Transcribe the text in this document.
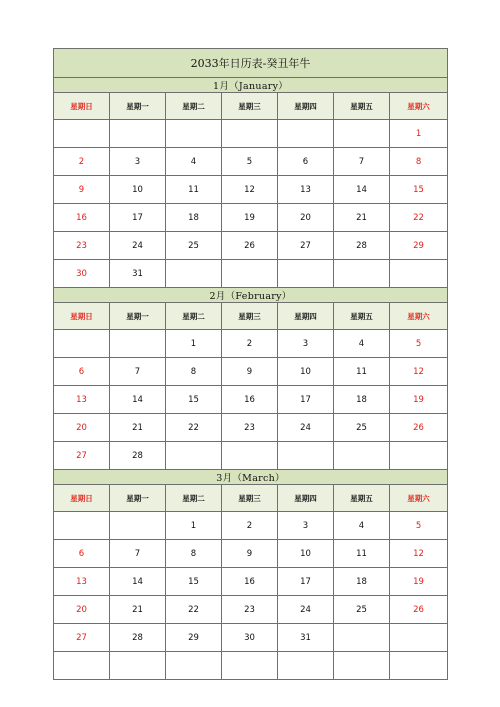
2033年日历表-癸丑年牛						
1月（January）						
星期日	星期一	星期二	星期三	星期四	星期五	星期六
						1
2	3	4	5	6	7	8
9	10	11	12	13	14	15
16	17	18	19	20	21	22
23	24	25	26	27	28	29
30	31					
2月（February）						
星期日	星期一	星期二	星期三	星期四	星期五	星期六
		1	2	3	4	5
6	7	8	9	10	11	12
13	14	15	16	17	18	19
20	21	22	23	24	25	26
27	28					
3月（March）						
星期日	星期一	星期二	星期三	星期四	星期五	星期六
		1	2	3	4	5
6	7	8	9	10	11	12
13	14	15	16	17	18	19
20	21	22	23	24	25	26
27	28	29	30	31		
